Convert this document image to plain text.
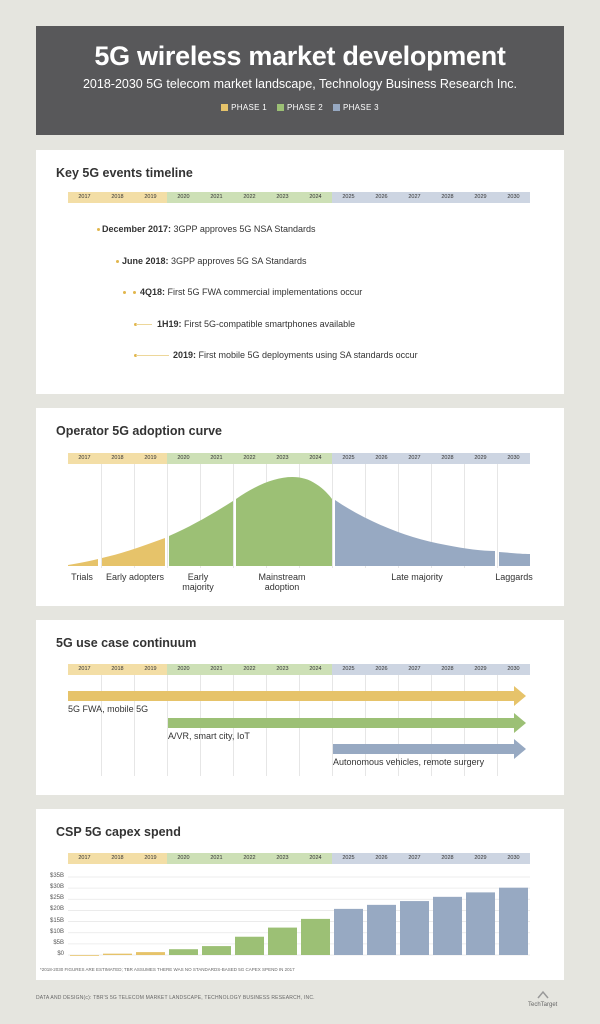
5G wireless market development
2018-2030 5G telecom market landscape, Technology Business Research Inc.
PHASE 1	PHASE 2	PHASE 3
Key 5G events timeline
2017	2018	2019	2020	2021	2022	2023	2024	2025	2026	2027	2028	2029	2030
December 2017: 3GPP approves 5G NSA Standards
June 2018: 3GPP approves 5G SA Standards
4Q18: First 5G FWA commercial implementations occur
1H19: First 5G-compatible smartphones available
2019: First mobile 5G deployments using SA standards occur
Operator 5G adoption curve
2017	2018	2019	2020	2021	2022	2023	2024	2025	2026	2027	2028	2029	2030
Trials	Early adopters	Early majority
Mainstream adoption
Late majority	Laggards
5G use case continuum
2017	2018	2019	2020	2021	2022	2023	2024	2025	2026	2027	2028	2029	2030
5G FWA, mobile 5G
A/VR, smart city, IoT
Autonomous vehicles, remote surgery
CSP 5G capex spend
2017	2018	2019	2020	2021	2022	2023	2024	2025	2026	2027	2028	2029	2030
$35B
$30B
$25B
$20B
$15B
$10B
$5B
$0
*2018-2030 FIGURES ARE ESTIMATED; TBR ASSUMES THERE WAS NO STANDARDS-BASED 5G CAPEX SPEND IN 2017
DATA AND DESIGN(c): TBR'S 5G TELECOM MARKET LANDSCAPE, TECHNOLOGY BUSINESS RESEARCH, INC.
TechTarget
